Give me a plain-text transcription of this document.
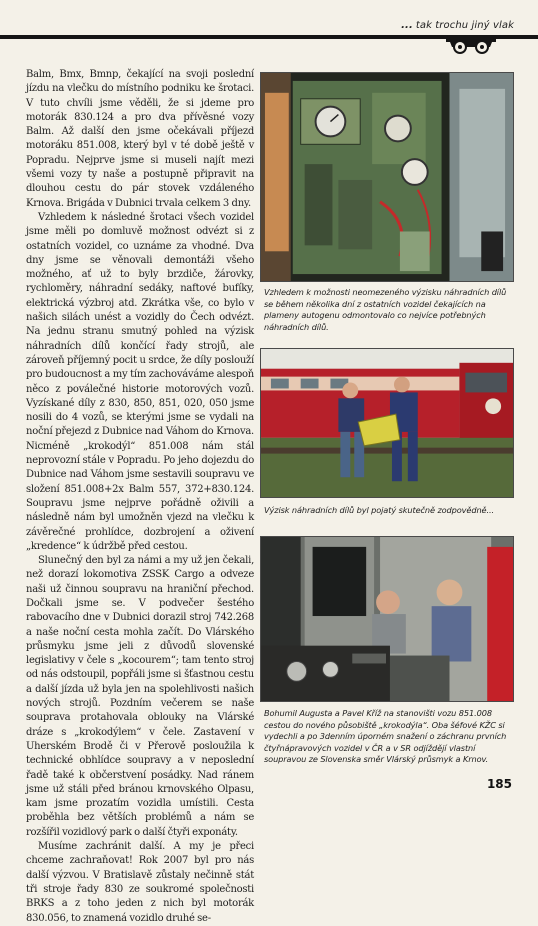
... tak trochu jiný vlak

Balm, Bmx, Bmnp, čekající na svoji poslední jízdu na vlečku do místního podniku ke šrotaci. V tuto chvíli jsme věděli, že si jdeme pro motorák 830.124 a pro dva přívěsné vozy Balm. Až další den jsme očekávali příjezd motoráku 851.008, který byl v té době ještě v Popradu. Nejprve jsme si museli najít mezi všemi vozy ty naše a postupně připravit na dlouhou cestu do pár stovek vzdáleného Krnova. Brigáda v Dubnici trvala celkem 3 dny.

Vzhledem k následné šrotaci všech vozidel jsme měli po domluvě možnost odvézt si z ostatních vozidel, co uznáme za vhodné. Dva dny jsme se věnovali demontáži všeho možného, ať už to byly brzdiče, žárovky, rychloměry, náhradní sedáky, naftové bufíky, elektrická výzbroj atd. Zkrátka vše, co bylo v našich silách unést a vozidly do Čech odvézt. Na jednu stranu smutný pohled na výzisk náhradních dílů končící řady strojů, ale zároveň příjemný pocit u srdce, že díly poslouží pro budoucnost a my tím zachováváme alespoň něco z poválečné historie motorových vozů. Vyzískané díly z 830, 850, 851, 020, 050 jsme nosili do 4 vozů, se kterými jsme se vydali na noční přejezd z Dubnice nad Váhom do Krnova. Nicméně „krokodýl“ 851.008 nám stál neprovozní stále v Popradu. Po jeho dojezdu do Dubnice nad Váhom jsme sestavili soupravu ve složení 851.008+2x Balm 557, 372+830.124. Soupravu jsme nejprve pořádně oživili a následně nám byl umožněn vjezd na vlečku k závěrečné prohlídce, dozbrojení a oživení „kredence“ k údržbě před cestou.

Slunečný den byl za námi a my už jen čekali, než dorazí lokomotiva ZSSK Cargo a odveze naši už činnou soupravu na hraniční přechod. Dočkali jsme se. V podvečer šestého rabovacího dne v Dubnici dorazil stroj 742.268 a naše noční cesta mohla začít. Do Vlárského průsmyku jsme jeli z důvodů slovenské legislativy v čele s „kocourem“; tam tento stroj od nás odstoupil, popřáli jsme si šťastnou cestu a další jízda už byla jen na spolehlivosti našich nových strojů. Pozdním večerem se naše souprava protahovala oblouky na Vlárské dráze s „krokodýlem“ v čele. Zastavení v Uherském Brodě či v Přerově posloužila k technické obhlídce soupravy a v neposlední řadě také k občerstvení posádky. Nad ránem jsme už stáli před bránou krnovského Olpasu, kam jsme prozatím vozidla umístili. Cesta proběhla bez větších problémů a nám se rozšířil vozidlový park o další čtyři exponáty.

Musíme zachránit další. A my je přeci chceme zachraňovat! Rok 2007 byl pro nás další výzvou. V Bratislavě zůstaly nečinně stát tři stroje řady 830 ze soukromé společnosti BRKS a z toho jeden z nich byl motorák 830.056, to znamená vozidlo druhé se-

Vzhledem k možnosti neomezeného výzisku náhradních dílů se během několika dní z ostatních vozidel čekajících na plameny autogenu odmontovalo co nejvíce potřebných náhradních dílů.
Výzisk náhradních dílů byl pojatý skutečně zodpovědně...
Bohumil Augusta a Pavel Kříž na stanovišti vozu 851.008 cestou do nového působiště „krokodýla“. Oba šéfové KŽC si vydechli a po 3denním úporném snažení o záchranu prvních čtyřnápravových vozidel v ČR a v SR odjíždějí vlastní soupravou ze Slovenska směr Vlárský průsmyk a Krnov.
185
